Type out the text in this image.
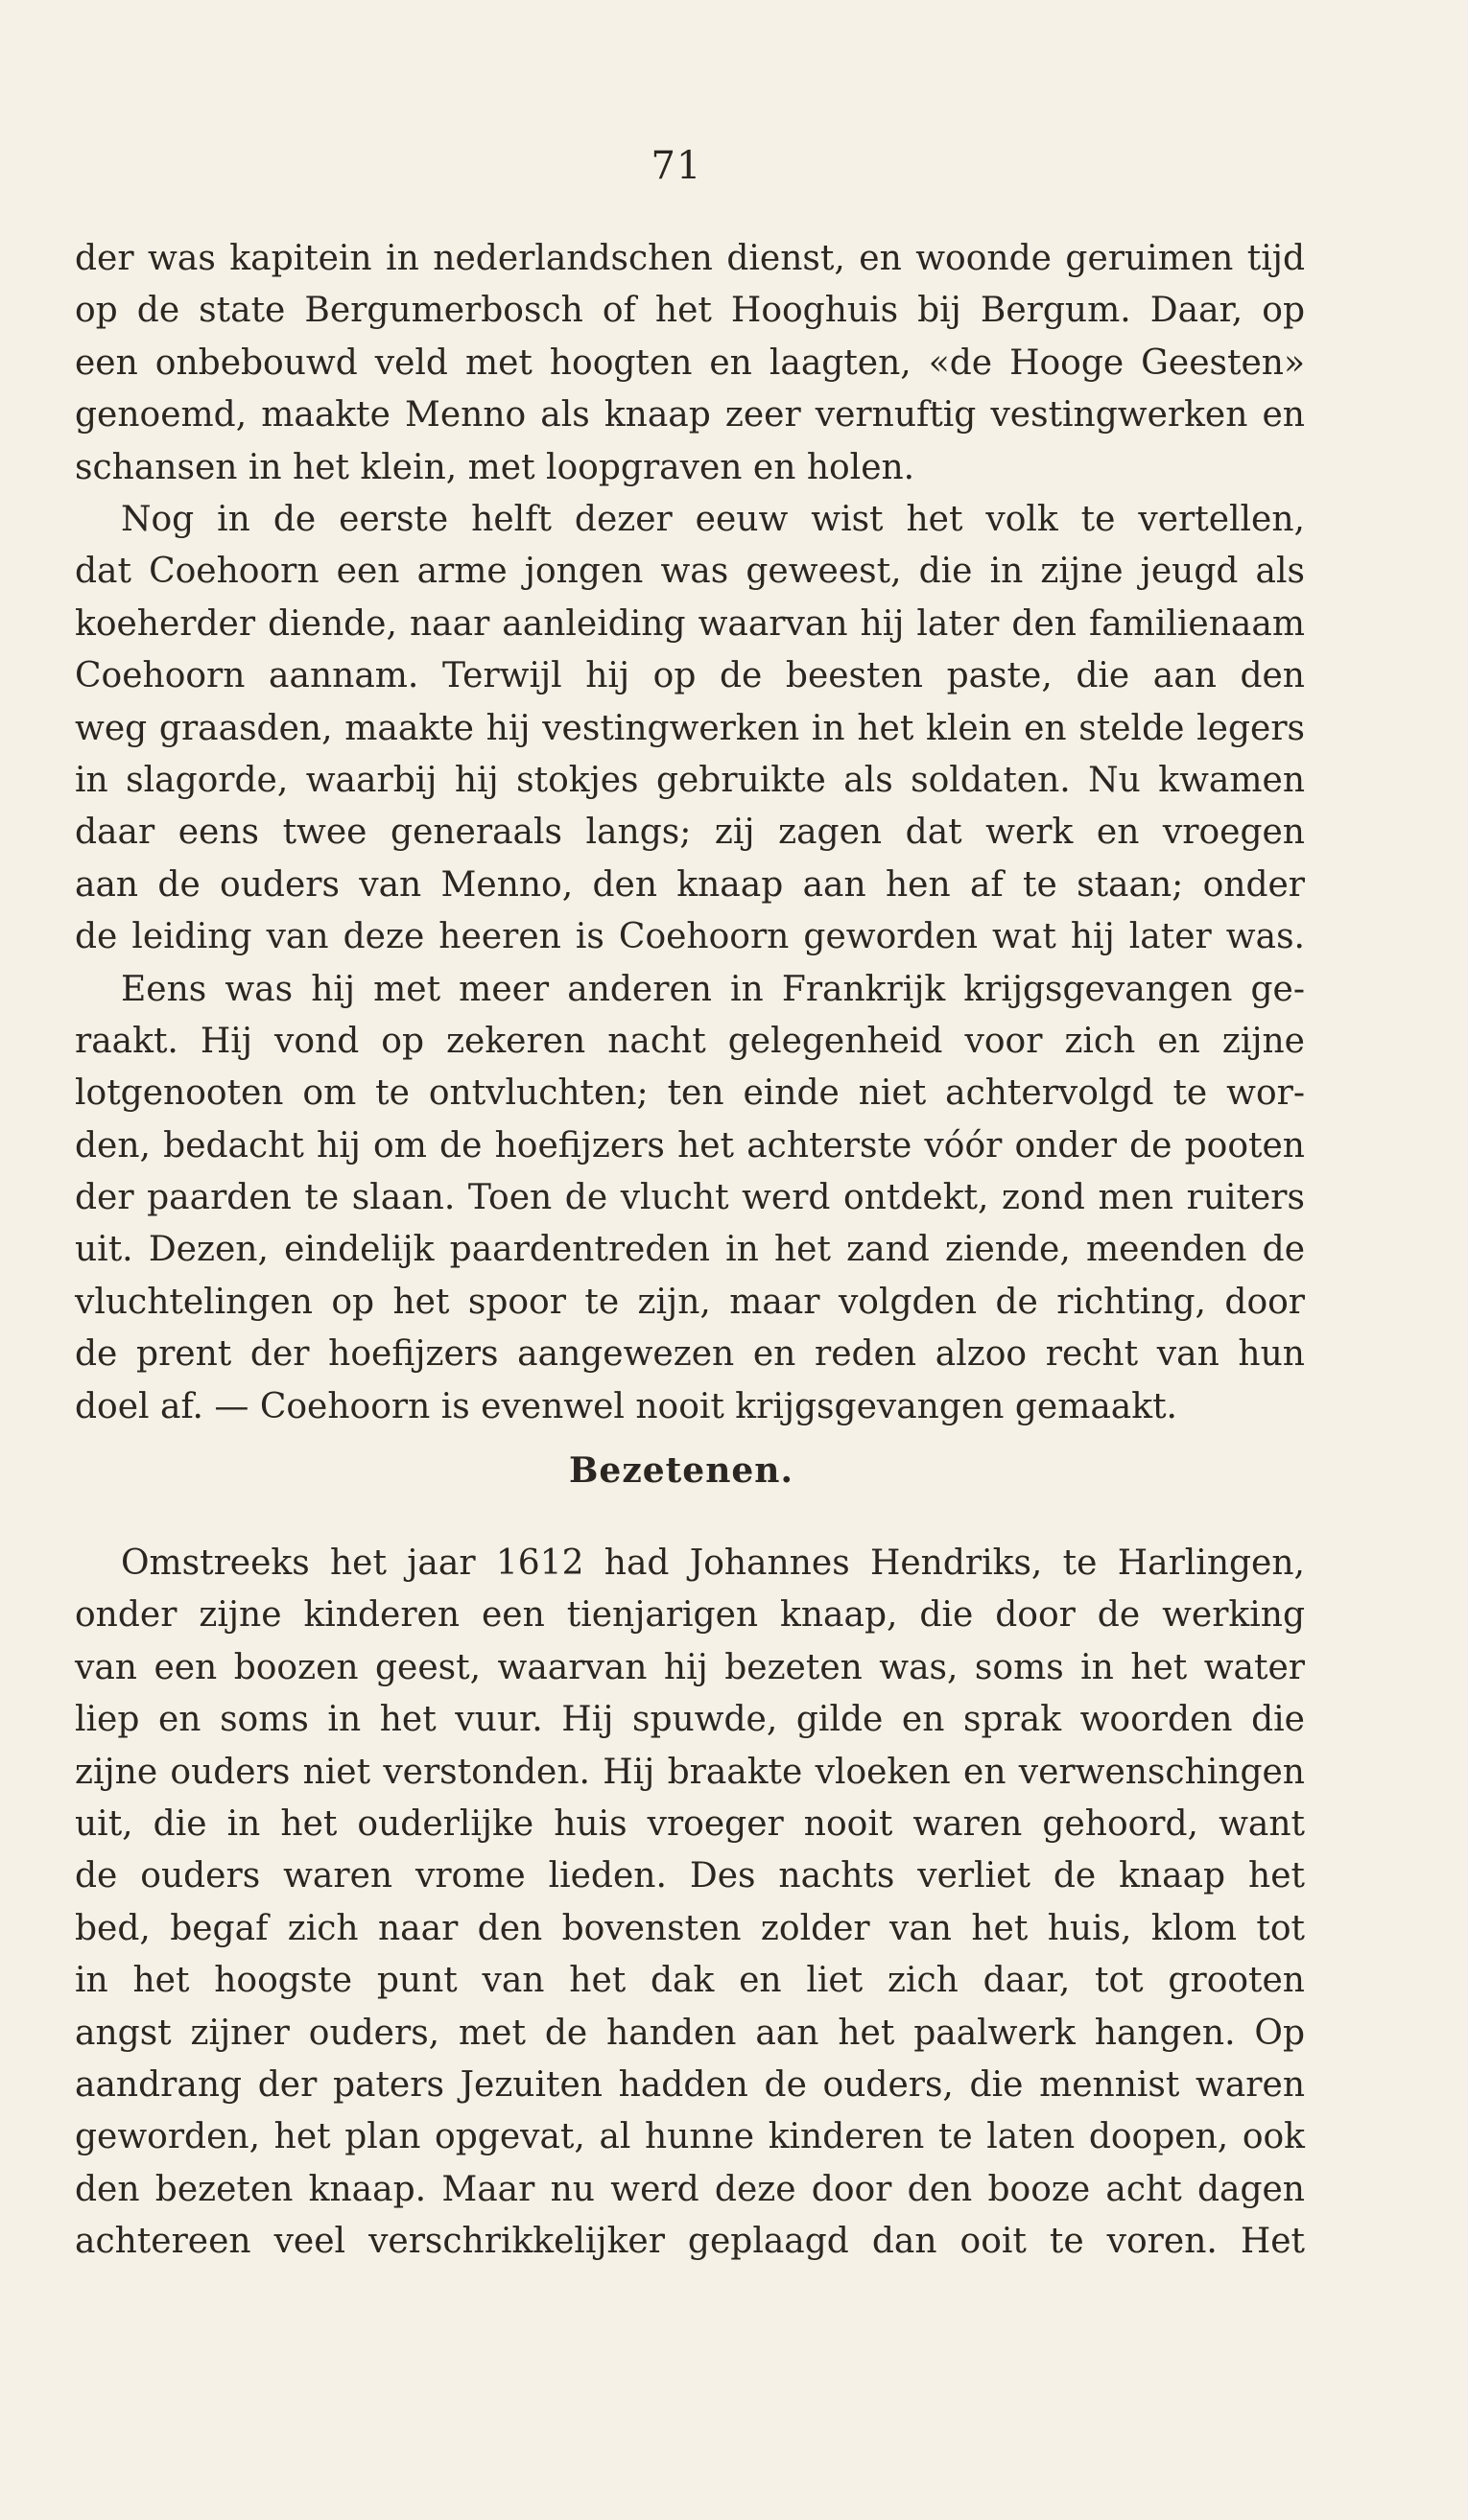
71
der was kapitein in nederlandschen dienst, en woonde geruimen tijd
op de state Bergumerbosch of het Hooghuis bij Bergum. Daar, op
een onbebouwd veld met hoogten en laagten, «de Hooge Geesten»
genoemd, maakte Menno als knaap zeer vernuftig vestingwerken en
schansen in het klein, met loopgraven en holen.
Nog in de eerste helft dezer eeuw wist het volk te vertellen,
dat Coehoorn een arme jongen was geweest, die in zijne jeugd als
koeherder diende, naar aanleiding waarvan hij later den familienaam
Coehoorn aannam. Terwijl hij op de beesten paste, die aan den
weg graasden, maakte hij vestingwerken in het klein en stelde legers
in slagorde, waarbij hij stokjes gebruikte als soldaten. Nu kwamen
daar eens twee generaals langs; zij zagen dat werk en vroegen
aan de ouders van Menno, den knaap aan hen af te staan; onder
de leiding van deze heeren is Coehoorn geworden wat hij later was.
Eens was hij met meer anderen in Frankrijk krijgsgevangen ge-
raakt. Hij vond op zekeren nacht gelegenheid voor zich en zijne
lotgenooten om te ontvluchten; ten einde niet achtervolgd te wor-
den, bedacht hij om de hoefijzers het achterste vóór onder de pooten
der paarden te slaan. Toen de vlucht werd ontdekt, zond men ruiters
uit. Dezen, eindelijk paardentreden in het zand ziende, meenden de
vluchtelingen op het spoor te zijn, maar volgden de richting, door
de prent der hoefijzers aangewezen en reden alzoo recht van hun
doel af. — Coehoorn is evenwel nooit krijgsgevangen gemaakt.
Bezetenen.
Omstreeks het jaar 1612 had Johannes Hendriks, te Harlingen,
onder zijne kinderen een tienjarigen knaap, die door de werking
van een boozen geest, waarvan hij bezeten was, soms in het water
liep en soms in het vuur. Hij spuwde, gilde en sprak woorden die
zijne ouders niet verstonden. Hij braakte vloeken en verwenschingen
uit, die in het ouderlijke huis vroeger nooit waren gehoord, want
de ouders waren vrome lieden. Des nachts verliet de knaap het
bed, begaf zich naar den bovensten zolder van het huis, klom tot
in het hoogste punt van het dak en liet zich daar, tot grooten
angst zijner ouders, met de handen aan het paalwerk hangen. Op
aandrang der paters Jezuiten hadden de ouders, die mennist waren
geworden, het plan opgevat, al hunne kinderen te laten doopen, ook
den bezeten knaap. Maar nu werd deze door den booze acht dagen
achtereen veel verschrikkelijker geplaagd dan ooit te voren. Het
